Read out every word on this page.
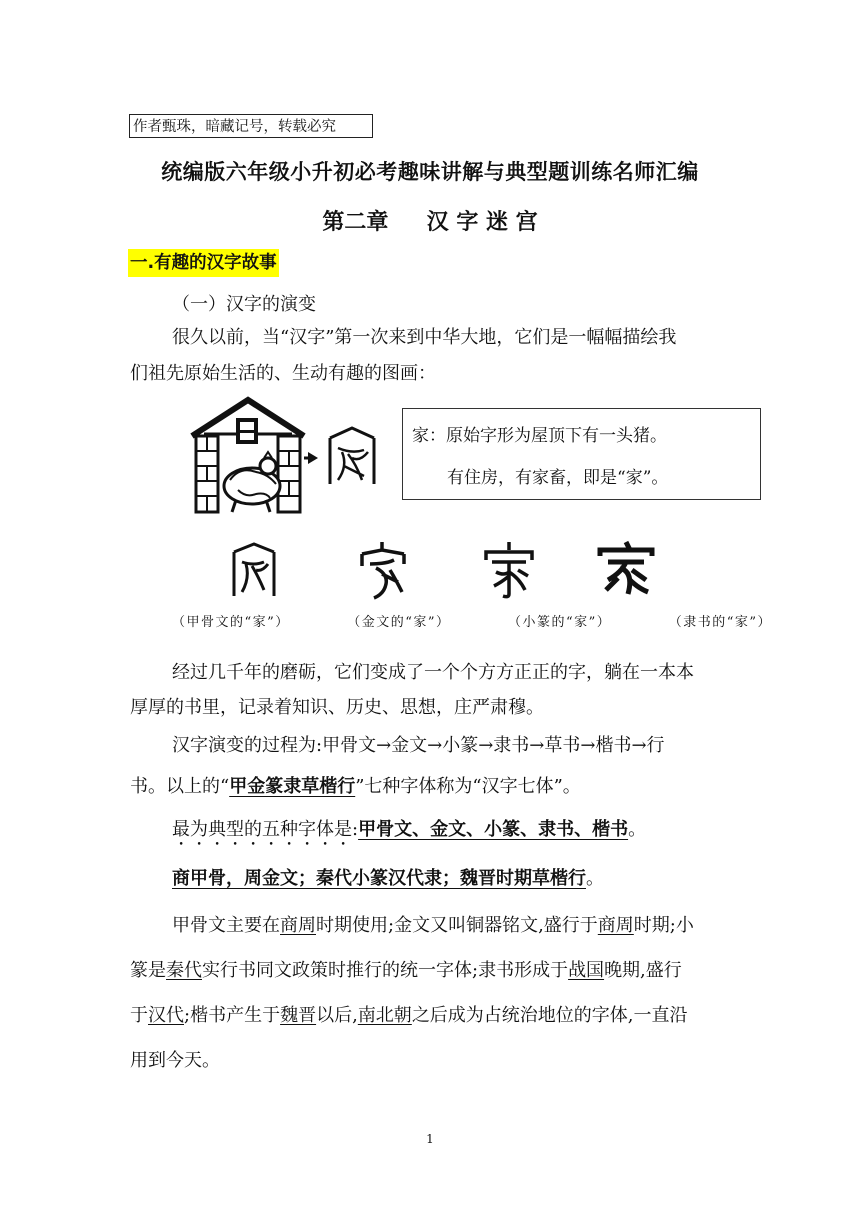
作者甄珠，暗藏记号，转载必究
统编版六年级小升初必考趣味讲解与典型题训练名师汇编
第二章     汉 字 迷 宫
一.有趣的汉字故事
（一）汉字的演变
很久以前，当“汉字”第一次来到中华大地，它们是一幅幅描绘我
们祖先原始生活的、生动有趣的图画：
家：原始字形为屋顶下有一头猪。
有住房，有家畜，即是“家”。
（甲骨文的“家”）	（金文的“家”）	（小篆的“家”）	（隶书的“家”）
经过几千年的磨砺，它们变成了一个个方方正正的字，躺在一本本
厚厚的书里，记录着知识、历史、思想，庄严肃穆。
汉字演变的过程为:甲骨文→金文→小篆→隶书→草书→楷书→行
书。以上的“甲金篆隶草楷行”七种字体称为“汉字七体”。
最为典型的五种字体是:甲骨文、金文、小篆、隶书、楷书。
商甲骨，周金文；秦代小篆汉代隶；魏晋时期草楷行。
甲骨文主要在商周时期使用;金文又叫铜器铭文,盛行于商周时期;小
篆是秦代实行书同文政策时推行的统一字体;隶书形成于战国晚期,盛行
于汉代;楷书产生于魏晋以后,南北朝之后成为占统治地位的字体,一直沿
用到今天。
1
